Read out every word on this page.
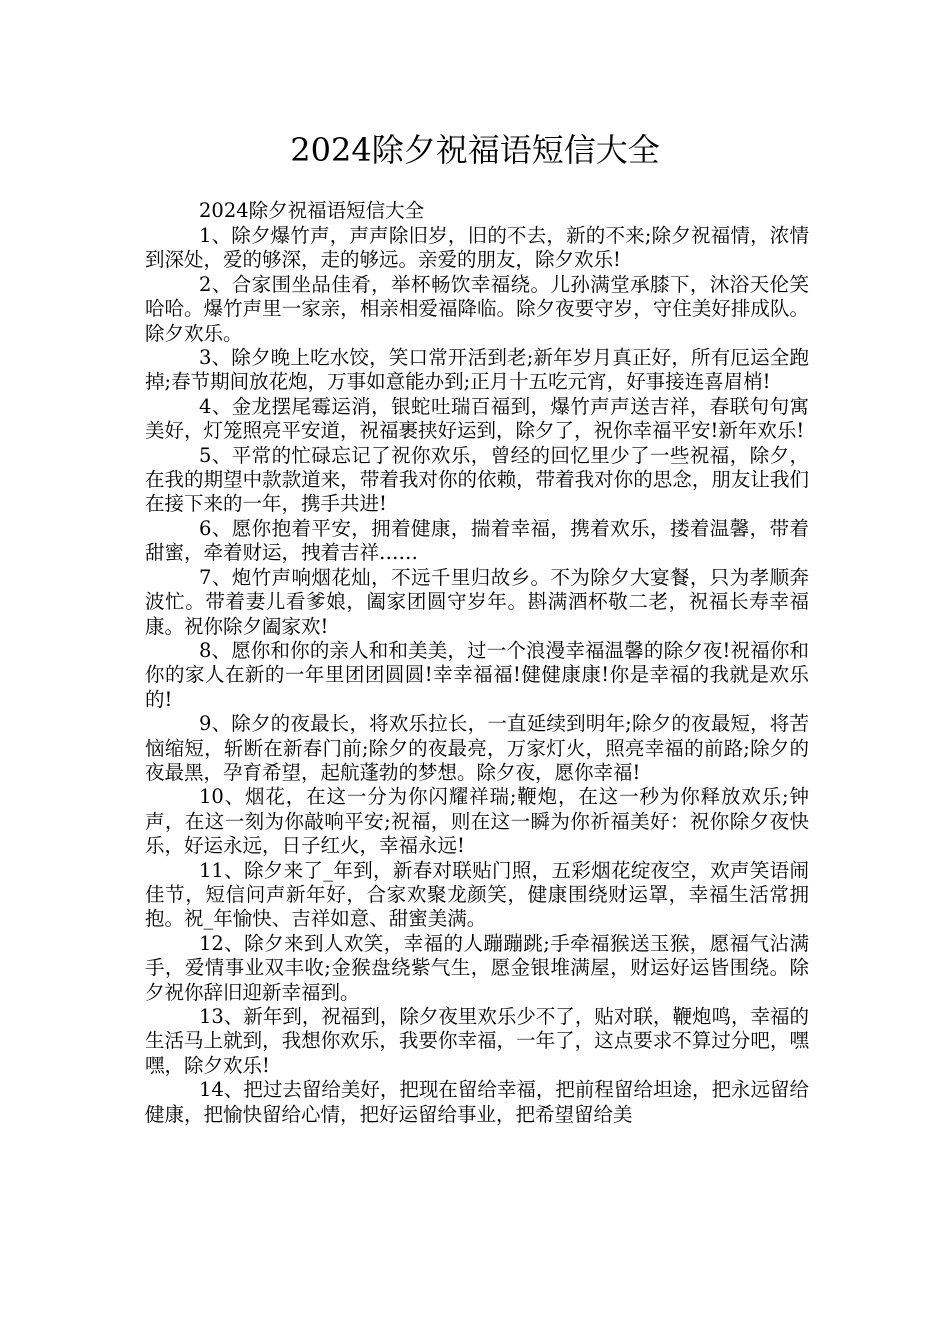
2024除夕祝福语短信大全

2024除夕祝福语短信大全

1、除夕爆竹声，声声除旧岁，旧的不去，新的不来;除夕祝福情，浓情到深处，爱的够深，走的够远。亲爱的朋友，除夕欢乐!

2、合家围坐品佳肴，举杯畅饮幸福绕。儿孙满堂承膝下，沐浴天伦笑哈哈。爆竹声里一家亲，相亲相爱福降临。除夕夜要守岁，守住美好排成队。除夕欢乐。

3、除夕晚上吃水饺，笑口常开活到老;新年岁月真正好，所有厄运全跑掉;春节期间放花炮，万事如意能办到;正月十五吃元宵，好事接连喜眉梢!

4、金龙摆尾霉运消，银蛇吐瑞百福到，爆竹声声送吉祥，春联句句寓美好，灯笼照亮平安道，祝福裹挟好运到，除夕了，祝你幸福平安!新年欢乐!

5、平常的忙碌忘记了祝你欢乐，曾经的回忆里少了一些祝福，除夕，在我的期望中款款道来，带着我对你的依赖，带着我对你的思念，朋友让我们在接下来的一年，携手共进!

6、愿你抱着平安，拥着健康，揣着幸福，携着欢乐，搂着温馨，带着甜蜜，牵着财运，拽着吉祥……

7、炮竹声响烟花灿，不远千里归故乡。不为除夕大宴餐，只为孝顺奔波忙。带着妻儿看爹娘，阖家团圆守岁年。斟满酒杯敬二老，祝福长寿幸福康。祝你除夕阖家欢!

8、愿你和你的亲人和和美美，过一个浪漫幸福温馨的除夕夜!祝福你和你的家人在新的一年里团团圆圆!幸幸福福!健健康康!你是幸福的我就是欢乐的!

9、除夕的夜最长，将欢乐拉长，一直延续到明年;除夕的夜最短，将苦恼缩短，斩断在新春门前;除夕的夜最亮，万家灯火，照亮幸福的前路;除夕的夜最黑，孕育希望，起航蓬勃的梦想。除夕夜，愿你幸福!

10、烟花，在这一分为你闪耀祥瑞;鞭炮，在这一秒为你释放欢乐;钟声，在这一刻为你敲响平安;祝福，则在这一瞬为你祈福美好：祝你除夕夜快乐，好运永远，日子红火，幸福永远!

11、除夕来了_年到，新春对联贴门照，五彩烟花绽夜空，欢声笑语闹佳节，短信问声新年好，合家欢聚龙颜笑，健康围绕财运罩，幸福生活常拥抱。祝_年愉快、吉祥如意、甜蜜美满。

12、除夕来到人欢笑，幸福的人蹦蹦跳;手牵福猴送玉猴，愿福气沾满手，爱情事业双丰收;金猴盘绕紫气生，愿金银堆满屋，财运好运皆围绕。除夕祝你辞旧迎新幸福到。

13、新年到，祝福到，除夕夜里欢乐少不了，贴对联，鞭炮鸣，幸福的生活马上就到，我想你欢乐，我要你幸福，一年了，这点要求不算过分吧，嘿嘿，除夕欢乐!

14、把过去留给美好，把现在留给幸福，把前程留给坦途，把永远留给健康，把愉快留给心情，把好运留给事业，把希望留给美
